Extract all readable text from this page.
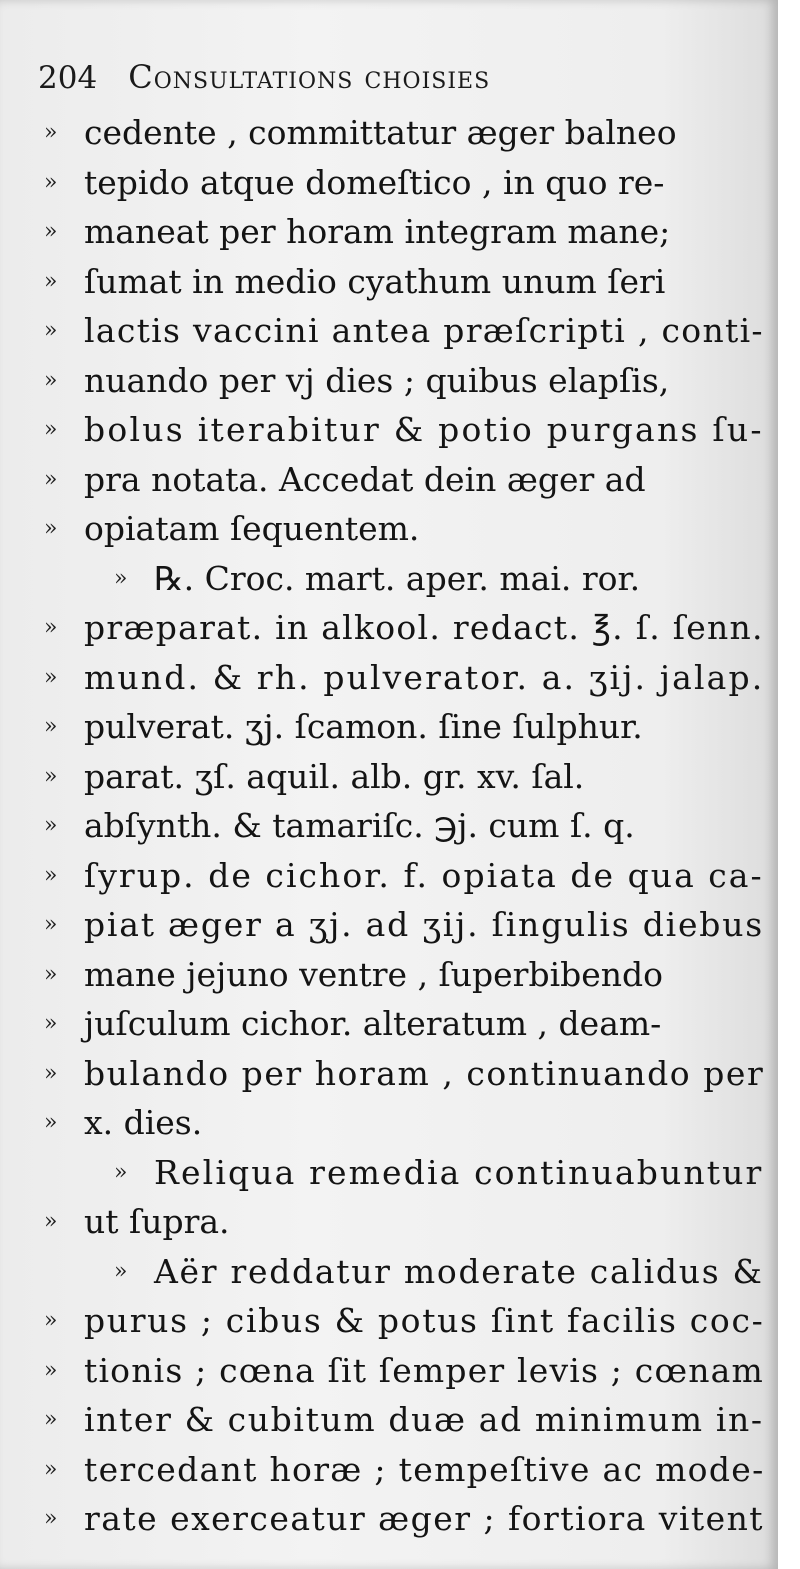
204 Consultations choisies
» cedente , committatur æger balneo
» tepido atque domeſtico , in quo re-
» maneat per horam integram mane;
» ſumat in medio cyathum unum ſeri
» lactis vaccini antea præſcripti , conti-
» nuando per vj dies ; quibus elapſis,
» bolus iterabitur & potio purgans ſu-
» pra notata. Accedat dein æger ad
» opiatam ſequentem.
» ℞. Croc. mart. aper. mai. ror.
» præparat. in alkool. redact. ℥. ſ. ſenn.
» mund. & rh. pulverator. a. ʒij. jalap.
» pulverat. ʒj. ſcamon. ſine ſulphur.
» parat. ʒſ. aquil. alb. gr. xv. ſal.
» abſynth. & tamariſc. ℈j. cum ſ. q.
» ſyrup. de cichor. f. opiata de qua ca-
» piat æger a ʒj. ad ʒij. ſingulis diebus
» mane jejuno ventre , ſuperbibendo
» juſculum cichor. alteratum , deam-
» bulando per horam , continuando per
» x. dies.
» Reliqua remedia continuabuntur
» ut ſupra.
» Aër reddatur moderate calidus &
» purus ; cibus & potus ſint facilis coc-
» tionis ; cœna ſit ſemper levis ; cœnam
» inter & cubitum duæ ad minimum in-
» tercedant horæ ; tempeſtive ac mode-
» rate exerceatur æger ; fortiora vitent
